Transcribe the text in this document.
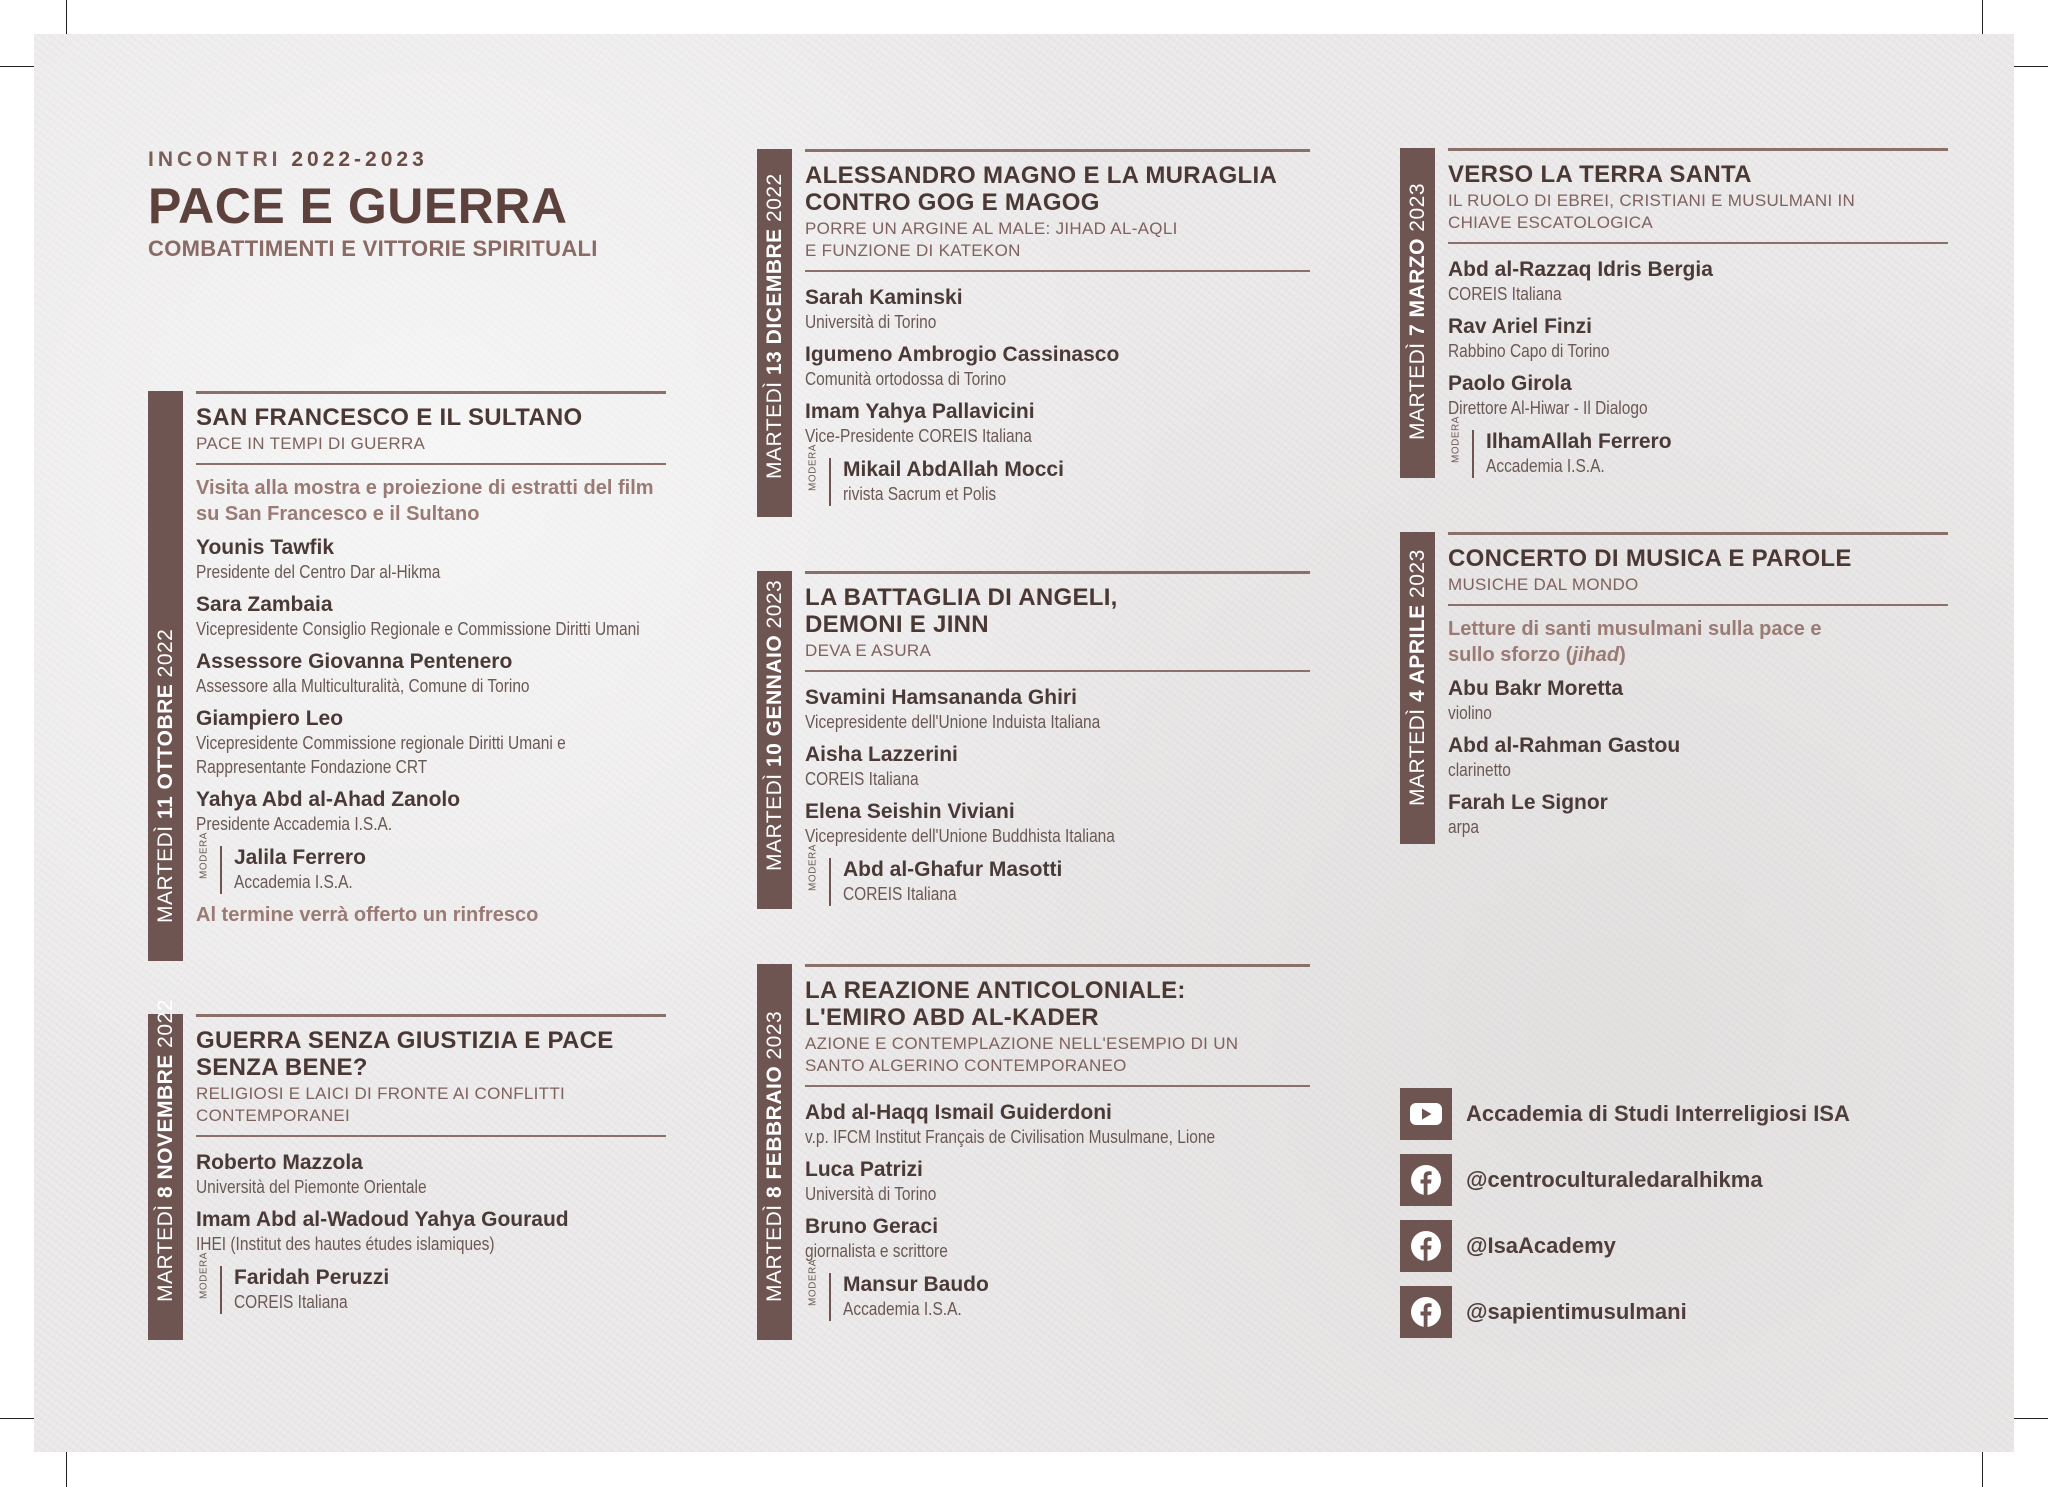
INCONTRI 2022-2023
PACE E GUERRA
COMBATTIMENTI E VITTORIE SPIRITUALI
MARTEDÌ 11 OTTOBRE 2022
SAN FRANCESCO E IL SULTANO
PACE IN TEMPI DI GUERRA
Visita alla mostra e proiezione di estratti del film su San Francesco e il Sultano
Younis Tawfik
Presidente del Centro Dar al-Hikma
Sara Zambaia
Vicepresidente Consiglio Regionale e Commissione Diritti Umani
Assessore Giovanna Pentenero
Assessore alla Multiculturalità, Comune di Torino
Giampiero Leo
Vicepresidente Commissione regionale Diritti Umani e
Rappresentante Fondazione CRT
Yahya Abd al-Ahad Zanolo
Presidente Accademia I.S.A.
MODERA Jalila Ferrero
Accademia I.S.A.
Al termine verrà offerto un rinfresco
MARTEDÌ 8 NOVEMBRE 2022 GUERRA SENZA GIUSTIZIA E PACE
SENZA BENE?
RELIGIOSI E LAICI DI FRONTE AI CONFLITTI
CONTEMPORANEI
Roberto Mazzola
Università del Piemonte Orientale
Imam Abd al-Wadoud Yahya Gouraud
IHEI (Institut des hautes études islamiques)
MODERA Faridah Peruzzi
COREIS Italiana
MARTEDÌ 13 DICEMBRE 2022 ALESSANDRO MAGNO E LA MURAGLIA
CONTRO GOG E MAGOG
PORRE UN ARGINE AL MALE: JIHAD AL-AQLI
E FUNZIONE DI KATEKON
Sarah Kaminski
Università di Torino
Igumeno Ambrogio Cassinasco
Comunità ortodossa di Torino
Imam Yahya Pallavicini
Vice-Presidente COREIS Italiana
MODERA Mikail AbdAllah Mocci
rivista Sacrum et Polis
MARTEDÌ 10 GENNAIO 2023 LA BATTAGLIA DI ANGELI,
DEMONI E JINN
DEVA E ASURA
Svamini Hamsananda Ghiri
Vicepresidente dell'Unione Induista Italiana
Aisha Lazzerini
COREIS Italiana
Elena Seishin Viviani
Vicepresidente dell'Unione Buddhista Italiana
MODERA Abd al-Ghafur Masotti
COREIS Italiana
MARTEDÌ 8 FEBBRAIO 2023
LA REAZIONE ANTICOLONIALE:
L'EMIRO ABD AL-KADER
AZIONE E CONTEMPLAZIONE NELL'ESEMPIO DI UN
SANTO ALGERINO CONTEMPORANEO
Abd al-Haqq Ismail Guiderdoni
v.p. IFCM Institut Français de Civilisation Musulmane, Lione
Luca Patrizi
Università di Torino
Bruno Geraci
giornalista e scrittore
MODERA Mansur Baudo
Accademia I.S.A.
MARTEDÌ 7 MARZO 2023
VERSO LA TERRA SANTA
IL RUOLO DI EBREI, CRISTIANI E MUSULMANI IN
CHIAVE ESCATOLOGICA
Abd al-Razzaq Idris Bergia
COREIS Italiana
Rav Ariel Finzi
Rabbino Capo di Torino
Paolo Girola
Direttore Al-Hiwar - Il Dialogo
MODERA IlhamAllah Ferrero
Accademia I.S.A.
MARTEDÌ 4 APRILE 2023 CONCERTO DI MUSICA E PAROLE
MUSICHE DAL MONDO
Letture di santi musulmani sulla pace e
sullo sforzo (jihad)
Abu Bakr Moretta
violino
Abd al-Rahman Gastou
clarinetto
Farah Le Signor
arpa
Accademia di Studi Interreligiosi ISA
@centroculturaledaralhikma
@IsaAcademy
@sapientimusulmani
